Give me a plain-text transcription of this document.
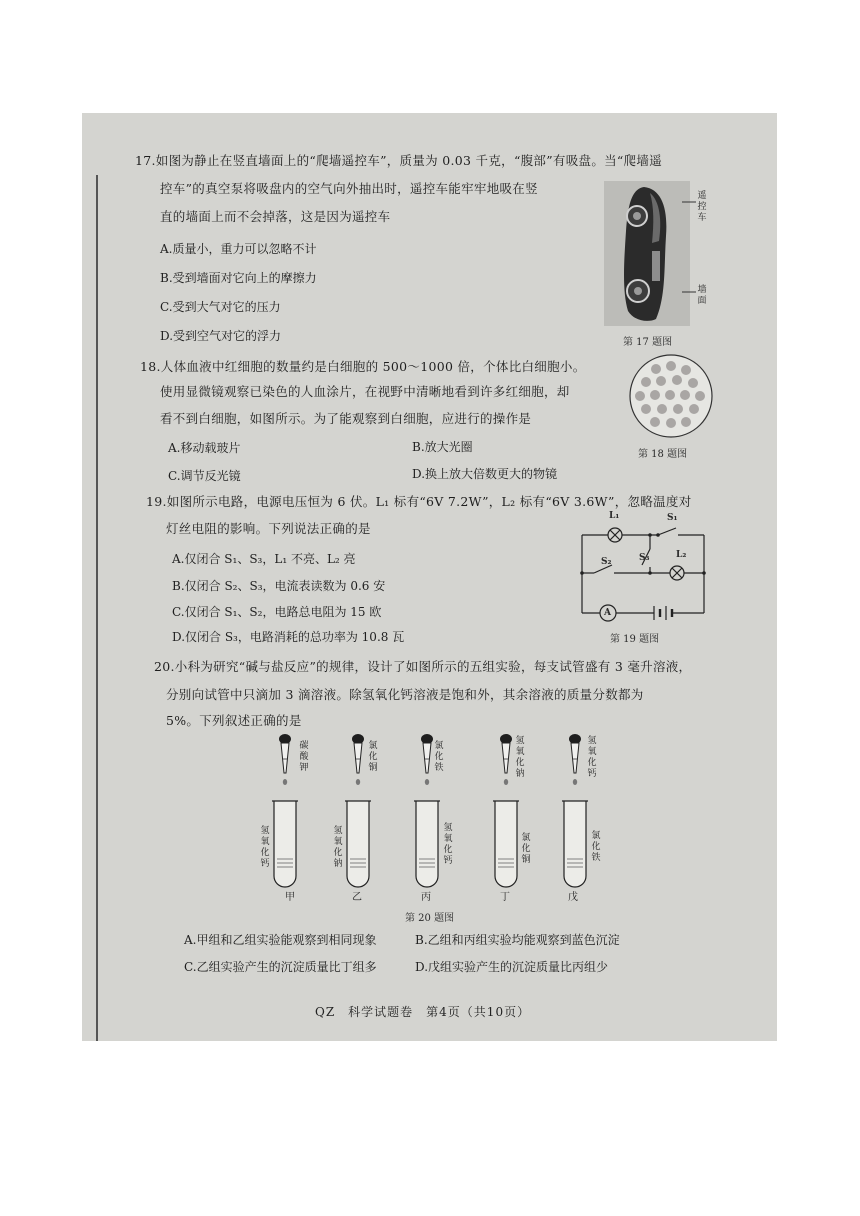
17.如图为静止在竖直墙面上的“爬墙遥控车”，质量为 0.03 千克，“腹部”有吸盘。当“爬墙遥
控车”的真空泵将吸盘内的空气向外抽出时，遥控车能牢牢地吸在竖
直的墙面上而不会掉落，这是因为遥控车
A.质量小，重力可以忽略不计
B.受到墙面对它向上的摩擦力
C.受到大气对它的压力
D.受到空气对它的浮力
遥控车
墙面
第 17 题图
18.人体血液中红细胞的数量约是白细胞的 500～1000 倍，个体比白细胞小。
使用显微镜观察已染色的人血涂片，在视野中清晰地看到许多红细胞，却
看不到白细胞，如图所示。为了能观察到白细胞，应进行的操作是
A.移动载玻片	B.放大光圈
C.调节反光镜	D.换上放大倍数更大的物镜
第 18 题图
19.如图所示电路，电源电压恒为 6 伏。L₁ 标有“6V 7.2W”，L₂ 标有“6V 3.6W”，忽略温度对
灯丝电阻的影响。下列说法正确的是
A.仅闭合 S₁、S₃，L₁ 不亮、L₂ 亮
B.仅闭合 S₂、S₃，电流表读数为 0.6 安
C.仅闭合 S₁、S₂，电路总电阻为 15 欧
D.仅闭合 S₃，电路消耗的总功率为 10.8 瓦
L₁	S₁
S₂	S₃	L₂
A
第 19 题图
20.小科为研究“碱与盐反应”的规律，设计了如图所示的五组实验，每支试管盛有 3 毫升溶液，
分别向试管中只滴加 3 滴溶液。除氢氧化钙溶液是饱和外，其余溶液的质量分数都为
5%。下列叙述正确的是
碳酸钾
氢氧化钙
甲
氯化铜
氢氧化钠
乙
氯化铁
氢氧化钙
丙
氢氧化钠
氯化铜
丁
氢氧化钙
氯化铁
戊
第 20 题图
A.甲组和乙组实验能观察到相同现象	B.乙组和丙组实验均能观察到蓝色沉淀
C.乙组实验产生的沉淀质量比丁组多	D.戊组实验产生的沉淀质量比丙组少
QZ　科学试题卷　第4页（共10页）
